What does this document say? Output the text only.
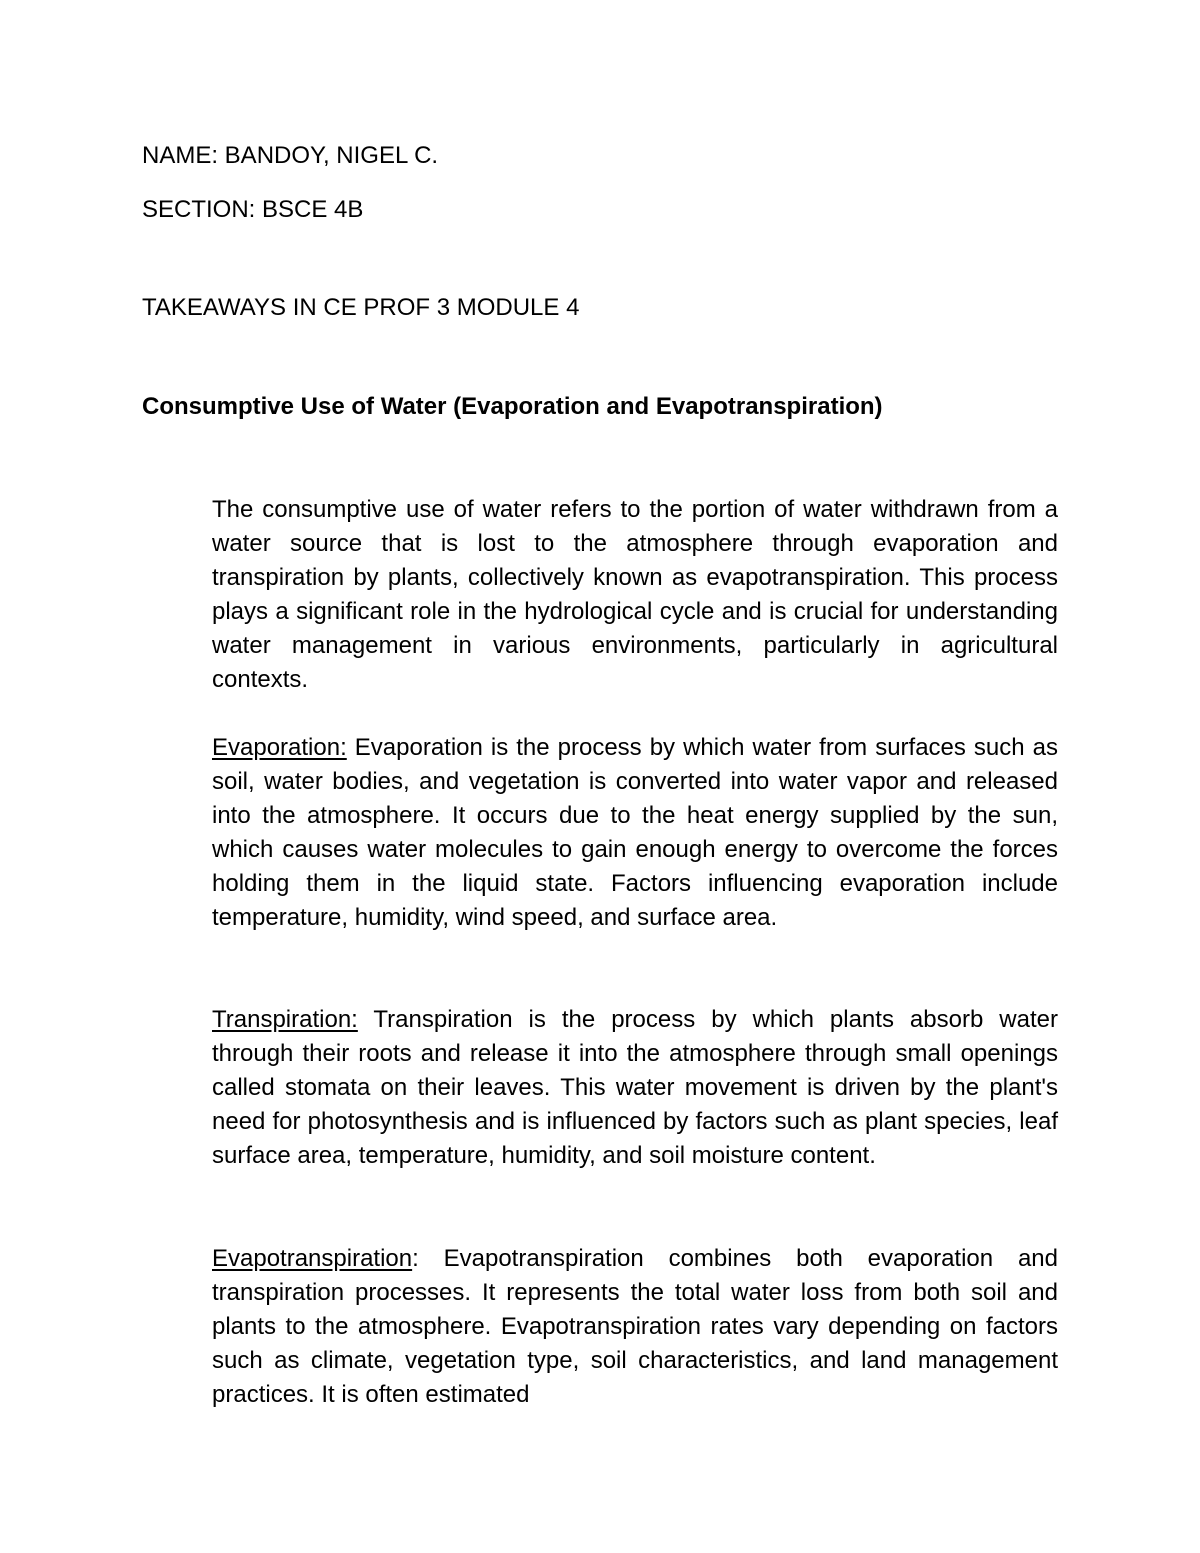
NAME: BANDOY, NIGEL C.
SECTION: BSCE 4B
TAKEAWAYS IN CE PROF 3 MODULE 4
Consumptive Use of Water (Evaporation and Evapotranspiration)

The consumptive use of water refers to the portion of water withdrawn from a water source that is lost to the atmosphere through evaporation and transpiration by plants, collectively known as evapotranspiration. This process plays a significant role in the hydrological cycle and is crucial for understanding water management in various environments, particularly in agricultural contexts.

Evaporation: Evaporation is the process by which water from surfaces such as soil, water bodies, and vegetation is converted into water vapor and released into the atmosphere. It occurs due to the heat energy supplied by the sun, which causes water molecules to gain enough energy to overcome the forces holding them in the liquid state. Factors influencing evaporation include temperature, humidity, wind speed, and surface area.

Transpiration: Transpiration is the process by which plants absorb water through their roots and release it into the atmosphere through small openings called stomata on their leaves. This water movement is driven by the plant's need for photosynthesis and is influenced by factors such as plant species, leaf surface area, temperature, humidity, and soil moisture content.

Evapotranspiration: Evapotranspiration combines both evaporation and transpiration processes. It represents the total water loss from both soil and plants to the atmosphere. Evapotranspiration rates vary depending on factors such as climate, vegetation type, soil characteristics, and land management practices. It is often estimated
